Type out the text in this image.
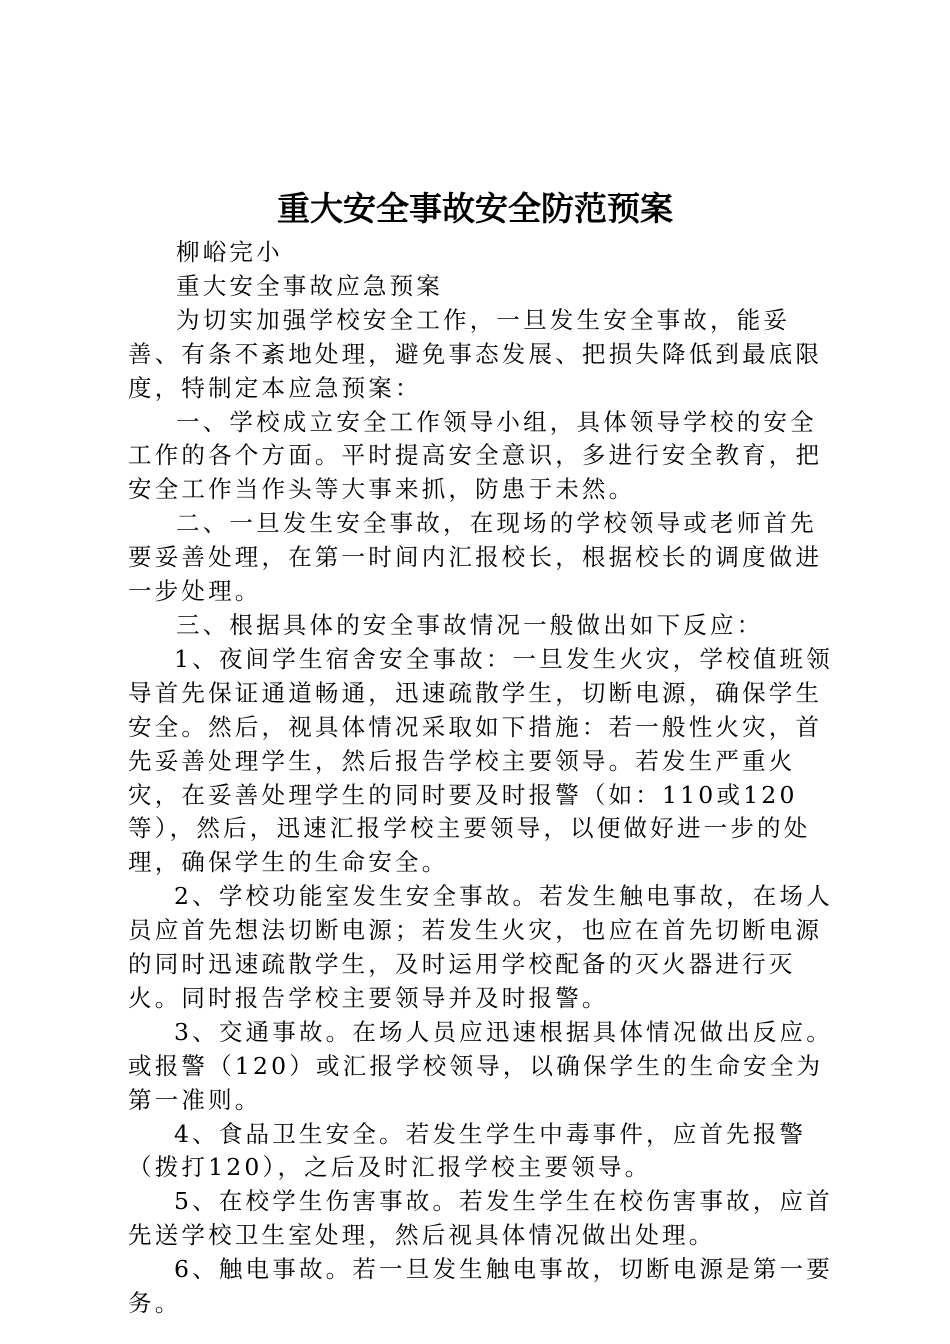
重大安全事故安全防范预案

柳峪完小

重大安全事故应急预案

为切实加强学校安全工作，一旦发生安全事故，能妥善、有条不紊地处理，避免事态发展、把损失降低到最底限度，特制定本应急预案：

一、学校成立安全工作领导小组，具体领导学校的安全工作的各个方面。平时提高安全意识，多进行安全教育，把安全工作当作头等大事来抓，防患于未然。

二、一旦发生安全事故，在现场的学校领导或老师首先要妥善处理，在第一时间内汇报校长，根据校长的调度做进一步处理。

三、根据具体的安全事故情况一般做出如下反应：

1、夜间学生宿舍安全事故：一旦发生火灾，学校值班领导首先保证通道畅通，迅速疏散学生，切断电源，确保学生安全。然后，视具体情况采取如下措施：若一般性火灾，首先妥善处理学生，然后报告学校主要领导。若发生严重火灾，在妥善处理学生的同时要及时报警（如：110或120等），然后，迅速汇报学校主要领导，以便做好进一步的处理，确保学生的生命安全。

2、学校功能室发生安全事故。若发生触电事故，在场人员应首先想法切断电源；若发生火灾，也应在首先切断电源的同时迅速疏散学生，及时运用学校配备的灭火器进行灭火。同时报告学校主要领导并及时报警。

3、交通事故。在场人员应迅速根据具体情况做出反应。或报警（120）或汇报学校领导，以确保学生的生命安全为第一准则。

4、食品卫生安全。若发生学生中毒事件，应首先报警（拨打120），之后及时汇报学校主要领导。

5、在校学生伤害事故。若发生学生在校伤害事故，应首先送学校卫生室处理，然后视具体情况做出处理。

6、触电事故。若一旦发生触电事故，切断电源是第一要务。
